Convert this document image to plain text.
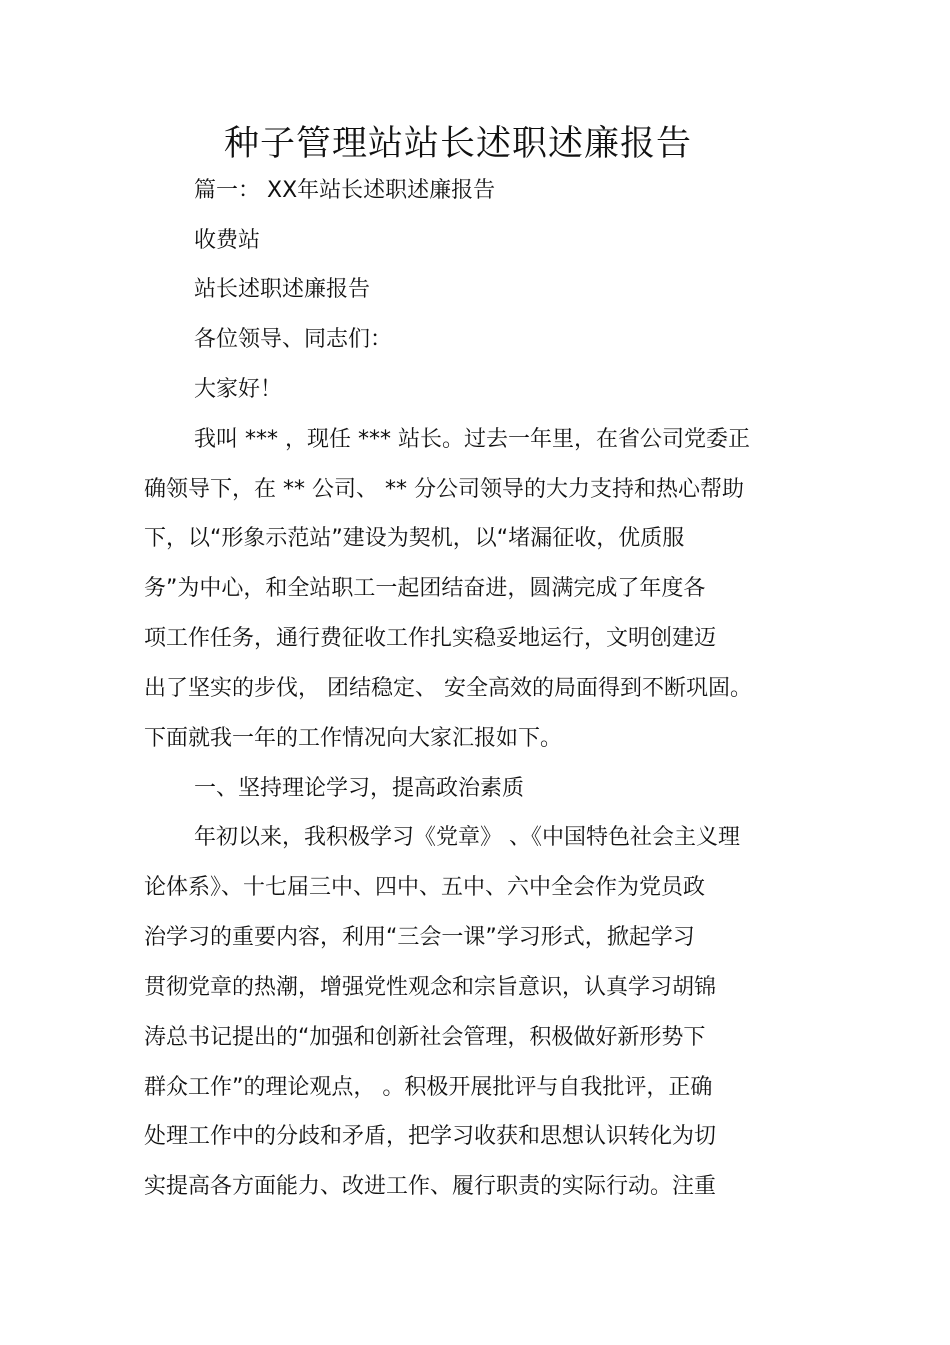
种子管理站站长述职述廉报告
篇一： XX年站长述职述廉报告
收费站
站长述职述廉报告
各位领导、同志们：
大家好！
我叫 *** ，现任 *** 站长。过去一年里，在省公司党委正
确领导下，在 ** 公司、 ** 分公司领导的大力支持和热心帮助
下，以“形象示范站”建设为契机，以“堵漏征收，优质服
务”为中心，和全站职工一起团结奋进，圆满完成了年度各
项工作任务，通行费征收工作扎实稳妥地运行，文明创建迈
出了坚实的步伐， 团结稳定、 安全高效的局面得到不断巩固。
下面就我一年的工作情况向大家汇报如下。
一、坚持理论学习，提高政治素质
年初以来，我积极学习《党章》 、《中国特色社会主义理
论体系》、十七届三中、四中、五中、六中全会作为党员政
治学习的重要内容，利用“三会一课”学习形式，掀起学习
贯彻党章的热潮，增强党性观念和宗旨意识，认真学习胡锦
涛总书记提出的“加强和创新社会管理，积极做好新形势下
群众工作”的理论观点， 。积极开展批评与自我批评，正确
处理工作中的分歧和矛盾，把学习收获和思想认识转化为切
实提高各方面能力、改进工作、履行职责的实际行动。注重
